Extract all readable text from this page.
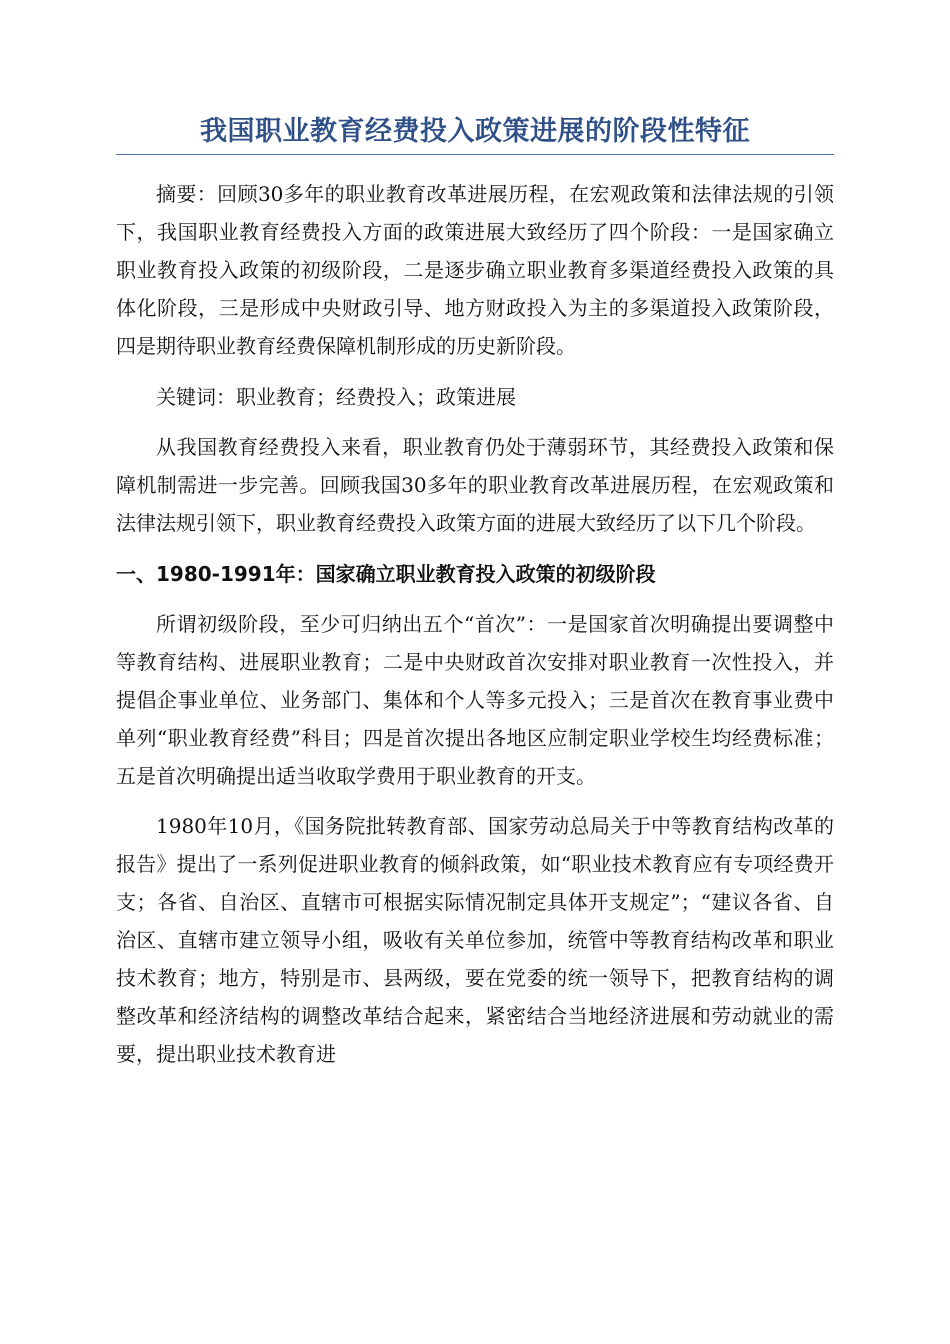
我国职业教育经费投入政策进展的阶段性特征

摘要：回顾30多年的职业教育改革进展历程，在宏观政策和法律法规的引领下，我国职业教育经费投入方面的政策进展大致经历了四个阶段：一是国家确立职业教育投入政策的初级阶段，二是逐步确立职业教育多渠道经费投入政策的具体化阶段，三是形成中央财政引导、地方财政投入为主的多渠道投入政策阶段，四是期待职业教育经费保障机制形成的历史新阶段。

关键词：职业教育；经费投入；政策进展

从我国教育经费投入来看，职业教育仍处于薄弱环节，其经费投入政策和保障机制需进一步完善。回顾我国30多年的职业教育改革进展历程，在宏观政策和法律法规引领下，职业教育经费投入政策方面的进展大致经历了以下几个阶段。

一、1980-1991年：国家确立职业教育投入政策的初级阶段

所谓初级阶段，至少可归纳出五个“首次”：一是国家首次明确提出要调整中等教育结构、进展职业教育；二是中央财政首次安排对职业教育一次性投入，并提倡企事业单位、业务部门、集体和个人等多元投入；三是首次在教育事业费中单列“职业教育经费”科目；四是首次提出各地区应制定职业学校生均经费标准；五是首次明确提出适当收取学费用于职业教育的开支。

1980年10月，《国务院批转教育部、国家劳动总局关于中等教育结构改革的报告》提出了一系列促进职业教育的倾斜政策，如“职业技术教育应有专项经费开支；各省、自治区、直辖市可根据实际情况制定具体开支规定”；“建议各省、自治区、直辖市建立领导小组，吸收有关单位参加，统管中等教育结构改革和职业技术教育；地方，特别是市、县两级，要在党委的统一领导下，把教育结构的调整改革和经济结构的调整改革结合起来，紧密结合当地经济进展和劳动就业的需要，提出职业技术教育进
